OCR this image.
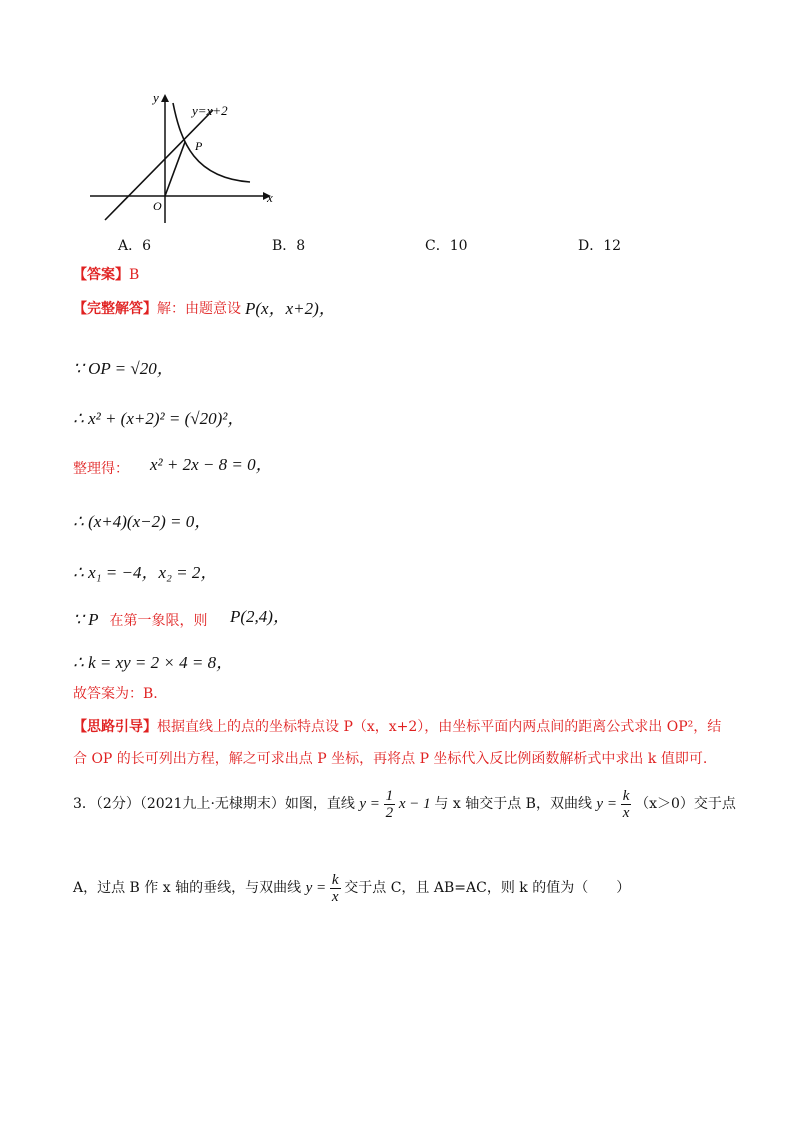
y
x
y=x+2
O
P
A．6	B．8	C．10	D．12
【答案】B
【完整解答】解：由题意设 P(x，x+2)，
∵ OP = √20，
∴ x² + (x+2)² = (√20)²，
整理得： x² + 2x − 8 = 0，
∴ (x+4)(x−2) = 0，
∴ x₁ = −4，x₂ = 2，
∵ P 在第一象限，则 P(2,4)，
∴ k = xy = 2 × 4 = 8，
故答案为：B.
【思路引导】根据直线上的点的坐标特点设 P（x，x+2），由坐标平面内两点间的距离公式求出 OP²，结
合 OP 的长可列出方程，解之可求出点 P 坐标，再将点 P 坐标代入反比例函数解析式中求出 k 值即可.
3．（2分）（2021九上·无棣期末）如图，直线 $y = \frac{1}{2}$ x − 1 与 x 轴交于点 B，双曲线 $y = \frac{k}{x} (x>0)$交于点
A，过点 B 作 x 轴的垂线，与双曲线 $y = \frac{k}{x}$ 交于点 C，且 AB=AC，则 k 的值为（　　）
